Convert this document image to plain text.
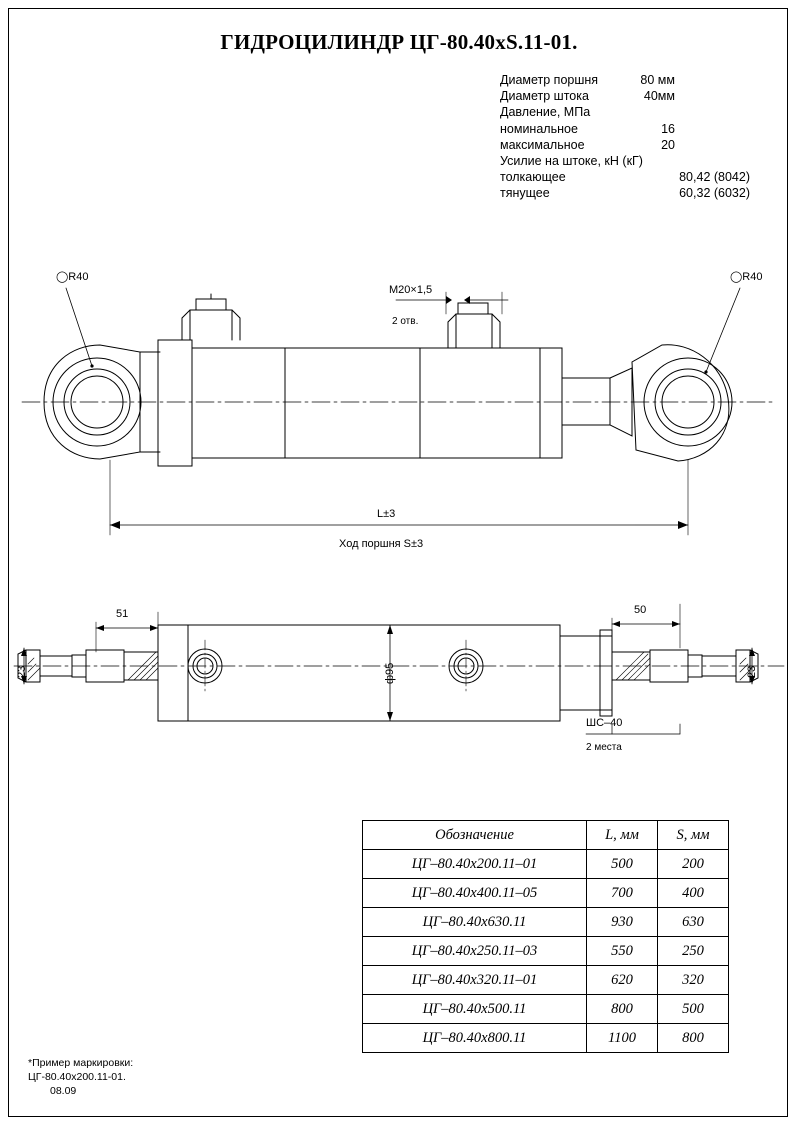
ГИДРОЦИЛИНДР ЦГ-80.40xS.11-01.
Диаметр поршня	80 мм
Диаметр штока	40мм
Давление, МПа
номинальное	16
максимальное	20
Усилие на штоке, кН (кГ)
толкающее	80,42 (8042)
тянущее	60,32 (6032)
◯R40	◯R40
M20×1,5
2 отв.
L±3
Ход поршня S±3
51	50
23	23
ф95
ШС–40
2 места
Обозначение	L, мм	S, мм
ЦГ–80.40x200.11–01	500	200
ЦГ–80.40x400.11–05	700	400
ЦГ–80.40x630.11	930	630
ЦГ–80.40x250.11–03	550	250
ЦГ–80.40x320.11–01	620	320
ЦГ–80.40x500.11	800	500
ЦГ–80.40x800.11	1100	800
*Пример маркировки:
ЦГ-80.40x200.11-01.
08.09
